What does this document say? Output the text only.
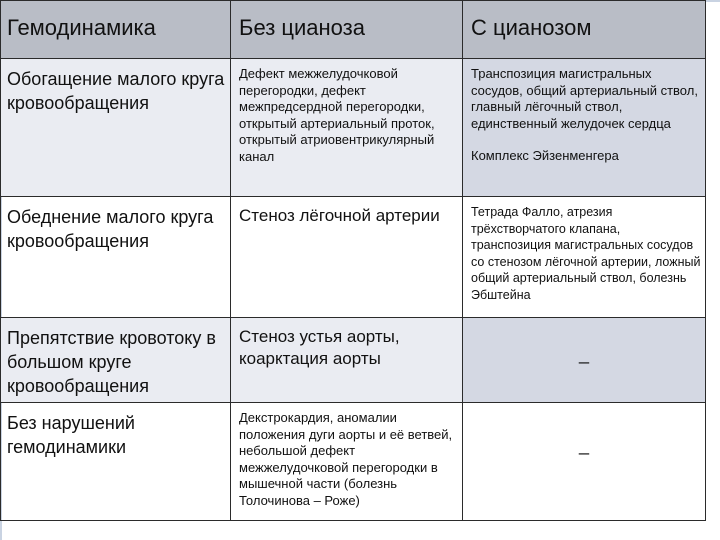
Гемодинамика	Без цианоза	С цианозом

Обогащение малого круга кровообращения	Дефект межжелудочковой перегородки, дефект межпредсердной перегородки, открытый артериальный проток, открытый атриовентрикулярный канал	Транспозиция магистральных сосудов, общий артериальный ствол, главный лёгочный ствол, единственный желудочек сердца
Комплекс Эйзенменгера

Обеднение малого круга кровообращения	Стеноз лёгочной артерии	Тетрада Фалло, атрезия трёхстворчатого клапана, транспозиция магистральных сосудов со стенозом лёгочной артерии, ложный общий артериальный ствол, болезнь Эбштейна

Препятствие кровотоку в большом круге кровообращения	Стеноз устья аорты, коарктация аорты	_

Без нарушений гемодинамики	Декстрокардия, аномалии положения дуги аорты и её ветвей, небольшой дефект межжелудочковой перегородки в мышечной части (болезнь Толочинова – Роже)	_
